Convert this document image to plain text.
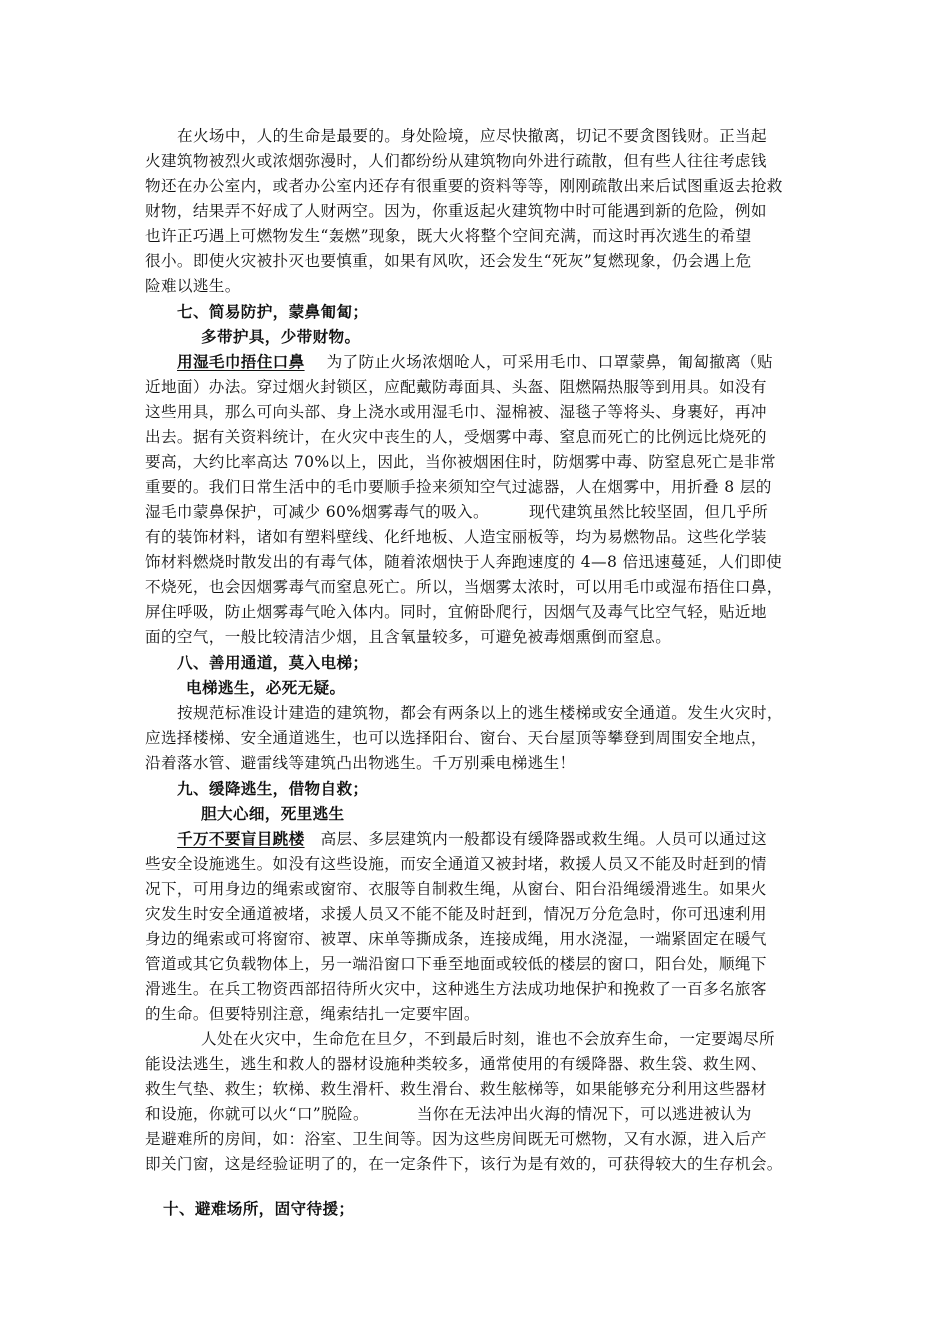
在火场中，人的生命是最要的。身处险境，应尽快撤离，切记不要贪图钱财。正当起
火建筑物被烈火或浓烟弥漫时，人们都纷纷从建筑物向外进行疏散，但有些人往往考虑钱
物还在办公室内，或者办公室内还存有很重要的资料等等，刚刚疏散出来后试图重返去抢救
财物，结果弄不好成了人财两空。因为，你重返起火建筑物中时可能遇到新的危险，例如
也许正巧遇上可燃物发生“轰燃”现象，既大火将整个空间充满，而这时再次逃生的希望
很小。即使火灾被扑灭也要慎重，如果有风吹，还会发生“死灰”复燃现象，仍会遇上危
险难以逃生。
七、简易防护，蒙鼻匍匐；
多带护具，少带财物。
用湿毛巾捂住口鼻 为了防止火场浓烟呛人，可采用毛巾、口罩蒙鼻，匍匐撤离（贴
近地面）办法。穿过烟火封锁区，应配戴防毒面具、头盔、阻燃隔热服等到用具。如没有
这些用具，那么可向头部、身上浇水或用湿毛巾、湿棉被、湿毯子等将头、身裹好，再冲
出去。据有关资料统计，在火灾中丧生的人，受烟雾中毒、窒息而死亡的比例远比烧死的
要高，大约比率高达 70%以上，因此，当你被烟困住时，防烟雾中毒、防窒息死亡是非常
重要的。我们日常生活中的毛巾要顺手捡来须知空气过滤器，人在烟雾中，用折叠 8 层的
湿毛巾蒙鼻保护，可减少 60%烟雾毒气的吸入。	现代建筑虽然比较坚固，但几乎所
有的装饰材料，诸如有塑料壁线、化纤地板、人造宝丽板等，均为易燃物品。这些化学装
饰材料燃烧时散发出的有毒气体，随着浓烟快于人奔跑速度的 4—8 倍迅速蔓延，人们即使
不烧死，也会因烟雾毒气而窒息死亡。所以，当烟雾太浓时，可以用毛巾或湿布捂住口鼻，
屏住呼吸，防止烟雾毒气呛入体内。同时，宜俯卧爬行，因烟气及毒气比空气轻，贴近地
面的空气，一般比较清洁少烟，且含氧量较多，可避免被毒烟熏倒而窒息。
八、善用通道，莫入电梯；
电梯逃生，必死无疑。
按规范标准设计建造的建筑物，都会有两条以上的逃生楼梯或安全通道。发生火灾时，
应选择楼梯、安全通道逃生，也可以选择阳台、窗台、天台屋顶等攀登到周围安全地点，
沿着落水管、避雷线等建筑凸出物逃生。千万别乘电梯逃生！
九、缓降逃生，借物自救；
胆大心细，死里逃生
千万不要盲目跳楼 高层、多层建筑内一般都设有缓降器或救生绳。人员可以通过这
些安全设施逃生。如没有这些设施，而安全通道又被封堵，救援人员又不能及时赶到的情
况下，可用身边的绳索或窗帘、衣服等自制救生绳，从窗台、阳台沿绳缓滑逃生。如果火
灾发生时安全通道被堵，求援人员又不能不能及时赶到，情况万分危急时，你可迅速利用
身边的绳索或可将窗帘、被罩、床单等撕成条，连接成绳，用水浇湿，一端紧固定在暖气
管道或其它负载物体上，另一端沿窗口下垂至地面或较低的楼层的窗口，阳台处，顺绳下
滑逃生。在兵工物资西部招待所火灾中，这种逃生方法成功地保护和挽救了一百多名旅客
的生命。但要特别注意，绳索结扎一定要牢固。
人处在火灾中，生命危在旦夕，不到最后时刻，谁也不会放弃生命，一定要竭尽所
能设法逃生，逃生和救人的器材设施种类较多，通常使用的有缓降器、救生袋、救生网、
救生气垫、救生；软梯、救生滑杆、救生滑台、救生舷梯等，如果能够充分利用这些器材
和设施，你就可以火“口”脱险。	当你在无法冲出火海的情况下，可以逃进被认为
是避难所的房间，如：浴室、卫生间等。因为这些房间既无可燃物，又有水源，进入后产
即关门窗，这是经验证明了的，在一定条件下，该行为是有效的，可获得较大的生存机会。
十、避难场所，固守待援；
